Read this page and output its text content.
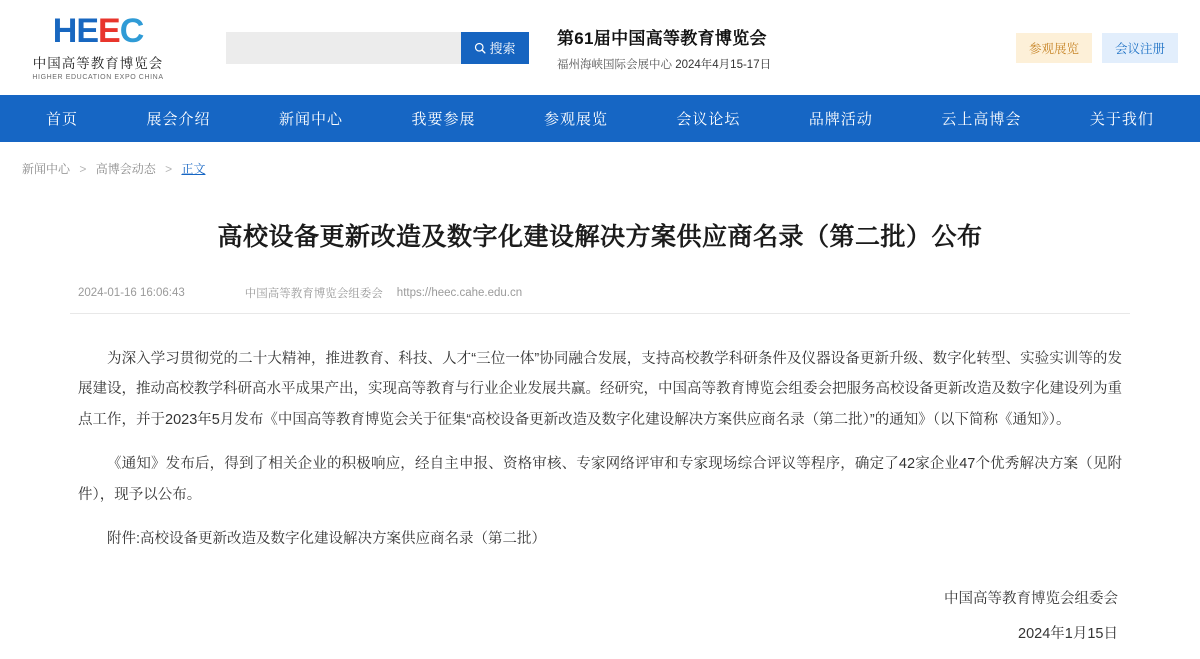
H E E C
中国高等教育博览会
HIGHER EDUCATION EXPO CHINA
搜索
第61届中国高等教育博览会
福州海峡国际会展中心 2024年4月15-17日
参观展览	会议注册
首页	展会介绍	新闻中心	我要参展	参观展览	会议论坛	品牌活动	云上高博会	关于我们
新闻中心 > 高博会动态 > 正文
高校设备更新改造及数字化建设解决方案供应商名录（第二批）公布
2024-01-16 16:06:43	中国高等教育博览会组委会 https://heec.cahe.edu.cn

为深入学习贯彻党的二十大精神，推进教育、科技、人才“三位一体”协同融合发展，支持高校教学科研条件及仪器设备更新升级、数字化转型、实验实训等的发展建设，推动高校教学科研高水平成果产出，实现高等教育与行业企业发展共赢。经研究，中国高等教育博览会组委会把服务高校设备更新改造及数字化建设列为重点工作，并于2023年5月发布《中国高等教育博览会关于征集“高校设备更新改造及数字化建设解决方案供应商名录（第二批）”的通知》（以下简称《通知》）。

《通知》发布后，得到了相关企业的积极响应，经自主申报、资格审核、专家网络评审和专家现场综合评议等程序，确定了42家企业47个优秀解决方案（见附件），现予以公布。

附件:高校设备更新改造及数字化建设解决方案供应商名录（第二批）

中国高等教育博览会组委会
2024年1月15日
